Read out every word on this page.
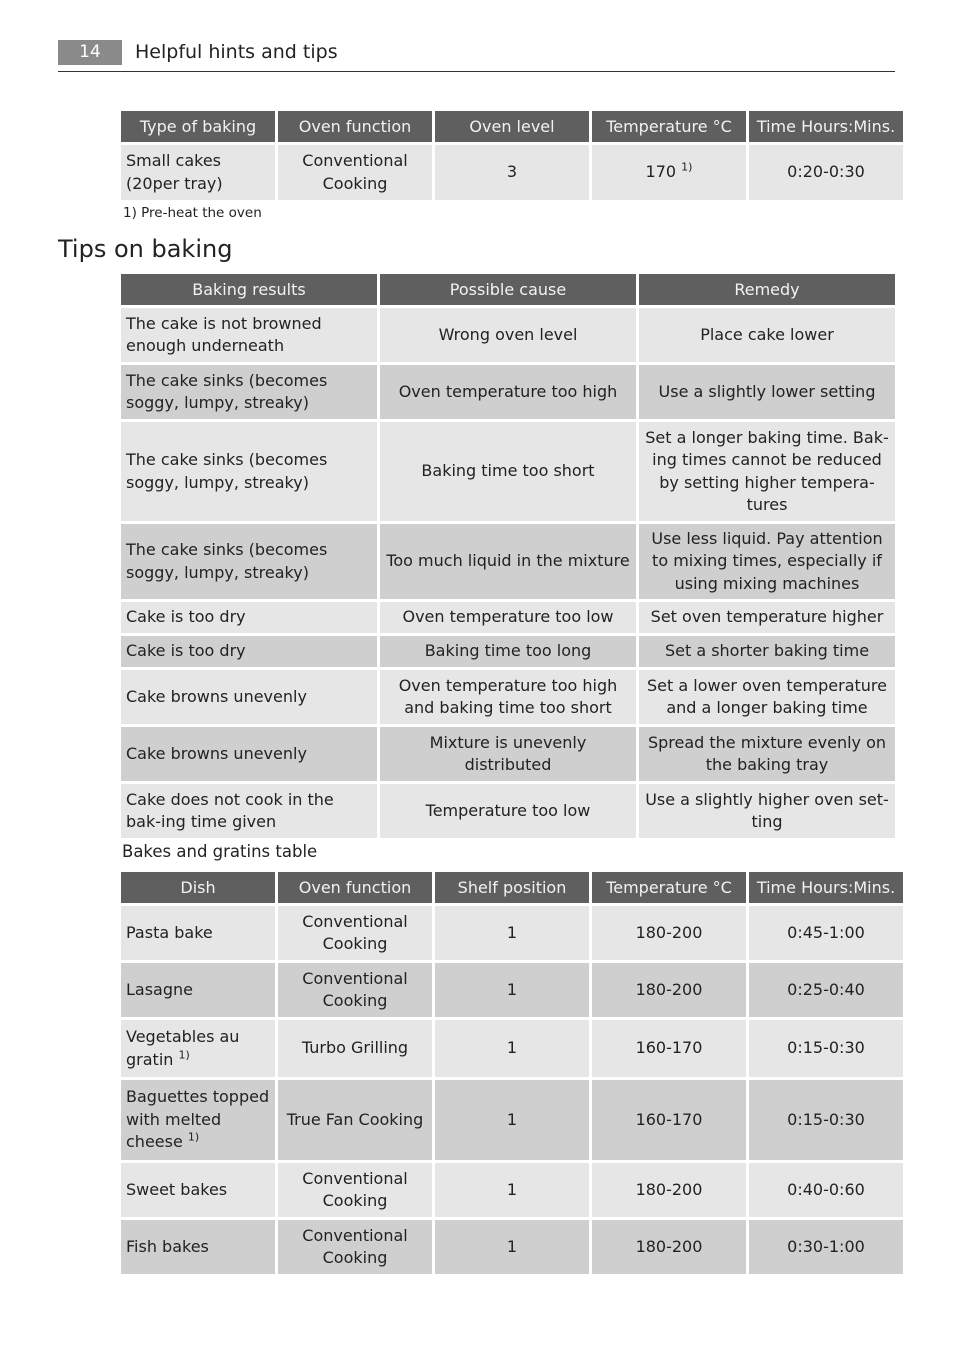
14	Helpful hints and tips
Type of baking	Oven function	Oven level	Temperature °C	Time Hours:Mins.
Small cakes (20per tray)	Conventional Cooking	3	170 $^{1)}$	0:20-0:30
1) Pre-heat the oven
Tips on baking
Baking results	Possible cause	Remedy
The cake is not browned enough underneath	Wrong oven level	Place cake lower
The cake sinks (becomes soggy, lumpy, streaky)	Oven temperature too high	Use a slightly lower setting
The cake sinks (becomes soggy, lumpy, streaky)	Baking time too short	Set a longer baking time. Bak-ing times cannot be reduced by setting higher tempera-tures
The cake sinks (becomes soggy, lumpy, streaky)	Too much liquid in the mixture	Use less liquid. Pay attention to mixing times, especially if using mixing machines
Cake is too dry	Oven temperature too low	Set oven temperature higher
Cake is too dry	Baking time too long	Set a shorter baking time
Cake browns unevenly	Oven temperature too high and baking time too short	Set a lower oven temperature and a longer baking time
Cake browns unevenly	Mixture is unevenly distributed	Spread the mixture evenly on the baking tray
Cake does not cook in the bak-ing time given	Temperature too low	Use a slightly higher oven set-ting
Bakes and gratins table
Dish	Oven function	Shelf position	Temperature °C	Time Hours:Mins.
Pasta bake	Conventional Cooking	1	180-200	0:45-1:00
Lasagne	Conventional Cooking	1	180-200	0:25-0:40
Vegetables au gratin $^{1)}$	Turbo Grilling	1	160-170	0:15-0:30
Baguettes topped with melted cheese $^{1)}$	True Fan Cooking	1	160-170	0:15-0:30
Sweet bakes	Conventional Cooking	1	180-200	0:40-0:60
Fish bakes	Conventional Cooking	1	180-200	0:30-1:00
